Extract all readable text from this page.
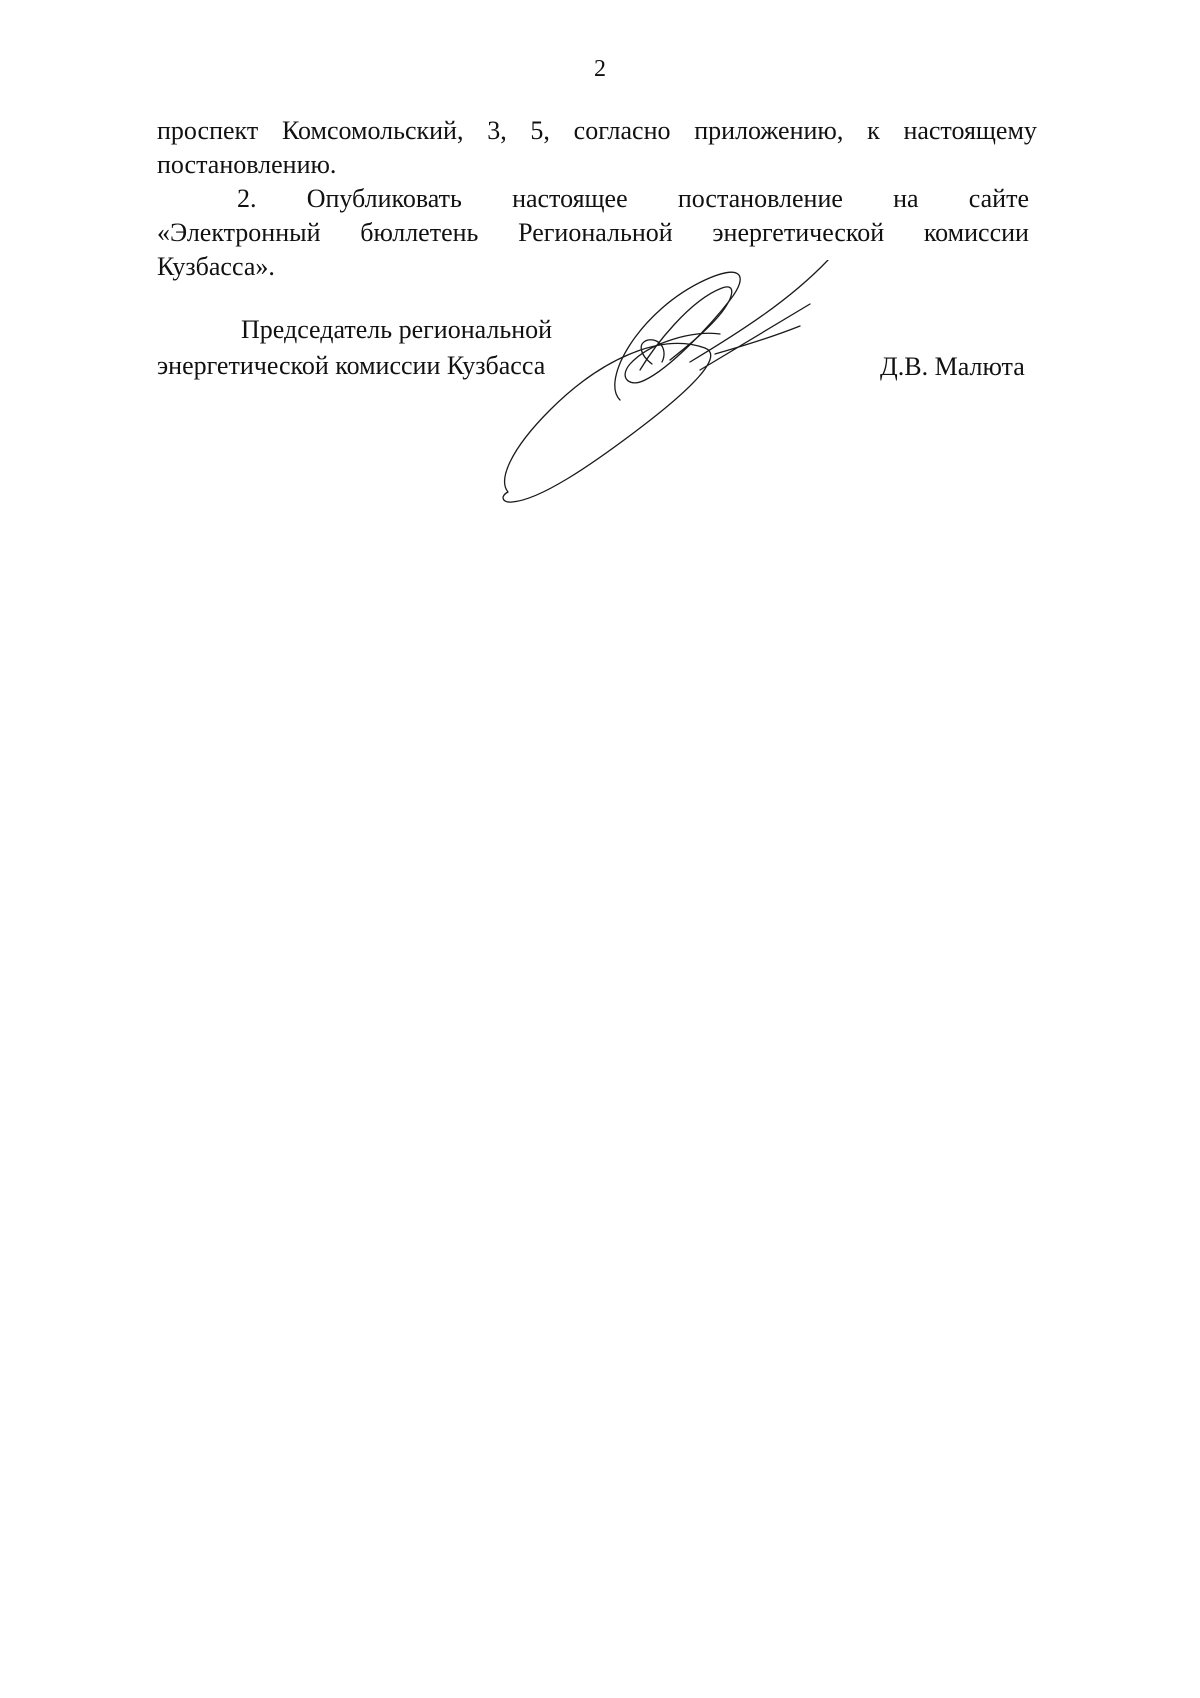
2
проспект Комсомольский, 3, 5, согласно приложению, к настоящему
постановлению.
2. Опубликовать настоящее постановление на сайте
«Электронный бюллетень Региональной энергетической комиссии
Кузбасса».
Председатель региональной
энергетической комиссии Кузбасса	Д.В. Малюта
